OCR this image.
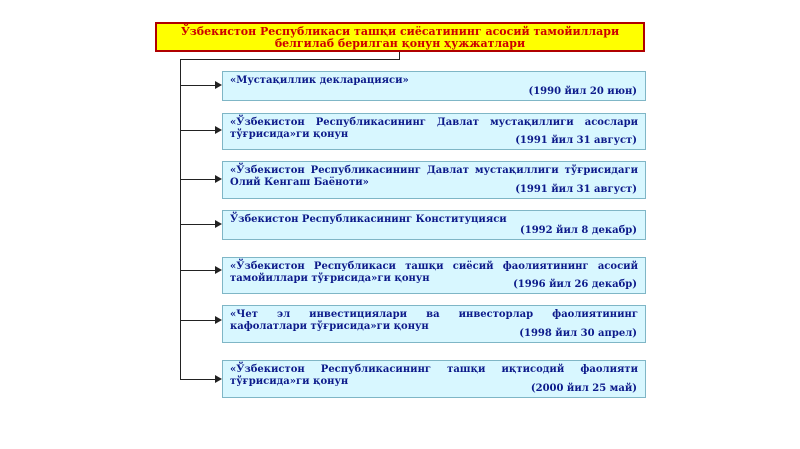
Ўзбекистон Республикаси ташқи сиёсатининг асосий тамойиллари белгилаб берилган қонун ҳужжатлари
«Мустақиллик декларацияси»
(1990 йил 20 июн)
«Ўзбекистон Республикасининг Давлат мустақиллиги асослари тўғрисида»ги қонун
(1991 йил 31 август)
«Ўзбекистон Республикасининг Давлат мустақиллиги тўғрисидаги Олий Кенгаш Баёноти»
(1991 йил 31 август)
Ўзбекистон Республикасининг Конституцияси
(1992 йил 8 декабр)
«Ўзбекистон Республикаси ташқи сиёсий фаолиятининг асосий тамойиллари тўғрисида»ги қонун
(1996 йил 26 декабр)
«Чет эл инвестициялари ва инвесторлар фаолиятининг кафолатлари тўғрисида»ги қонун
(1998 йил 30 апрел)
«Ўзбекистон Республикасининг ташқи иқтисодий фаолияти тўғрисида»ги қонун
(2000 йил 25 май)
